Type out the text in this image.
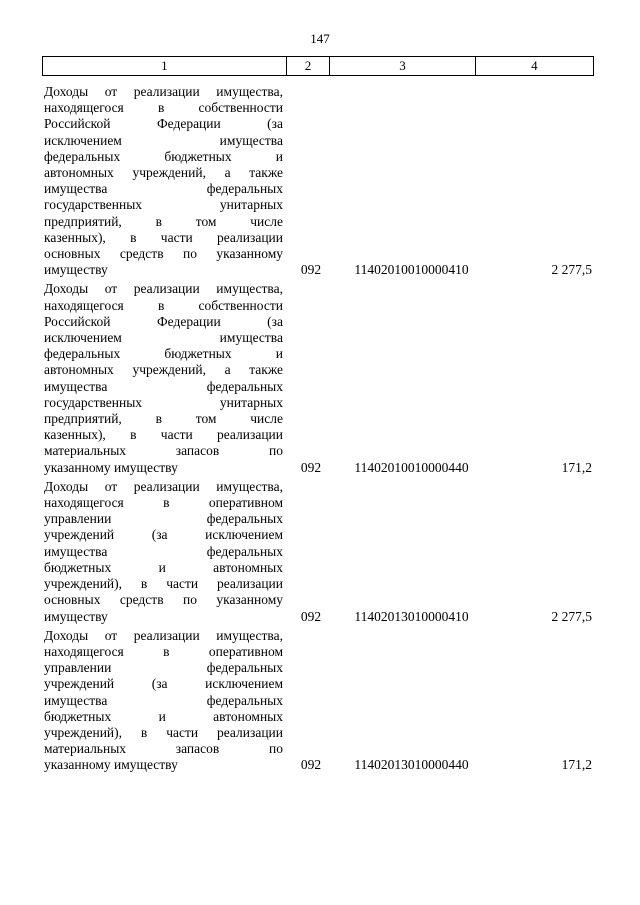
147
1	2	3	4
Доходы от реализации имущества,
находящегося в собственности
Российской Федерации (за
исключением имущества
федеральных бюджетных и
автономных учреждений, а также
имущества федеральных
государственных унитарных
предприятий, в том числе
казенных), в части реализации
основных средств по указанному
имуществу	092	11402010010000410	2 277,5
Доходы от реализации имущества,
находящегося в собственности
Российской Федерации (за
исключением имущества
федеральных бюджетных и
автономных учреждений, а также
имущества федеральных
государственных унитарных
предприятий, в том числе
казенных), в части реализации
материальных запасов по
указанному имуществу	092	11402010010000440	171,2
Доходы от реализации имущества,
находящегося в оперативном
управлении федеральных
учреждений (за исключением
имущества федеральных
бюджетных и автономных
учреждений), в части реализации
основных средств по указанному
имуществу	092	11402013010000410	2 277,5
Доходы от реализации имущества,
находящегося в оперативном
управлении федеральных
учреждений (за исключением
имущества федеральных
бюджетных и автономных
учреждений), в части реализации
материальных запасов по
указанному имуществу	092	11402013010000440	171,2
